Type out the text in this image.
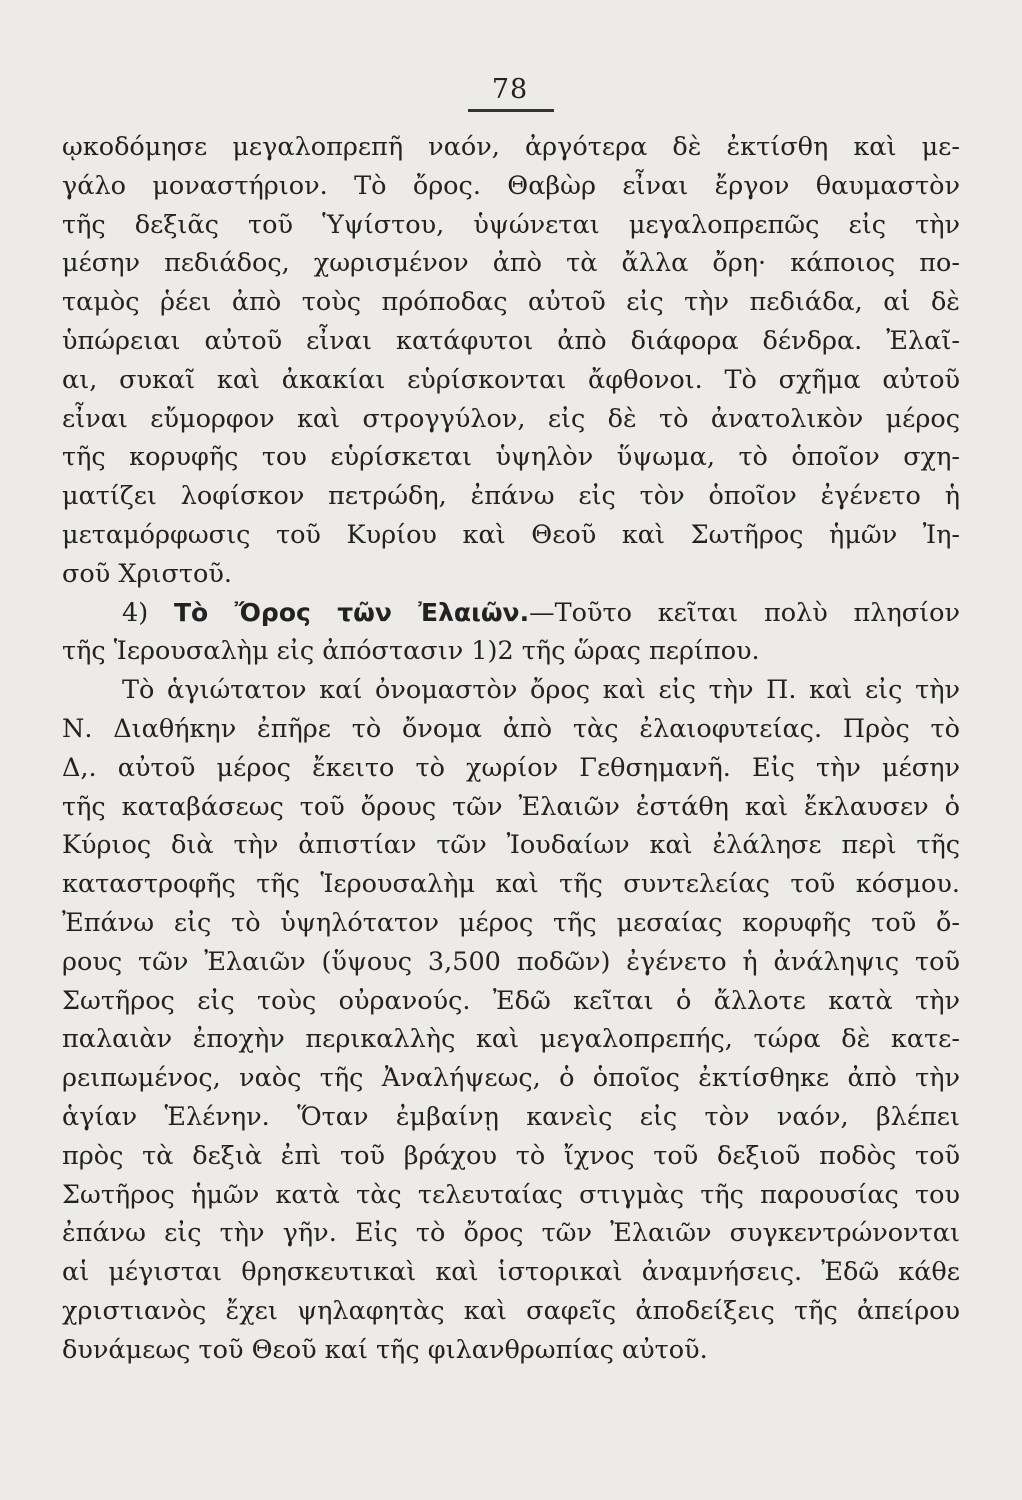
78
ῳκοδόμησε μεγαλοπρεπῆ ναόν, ἀργότερα δὲ ἐκτίσθη καὶ με-
γάλο μοναστήριον. Τὸ ὄρος. Θαβὼρ εἶναι ἔργον θαυμαστὸν
τῆς δεξιᾶς τοῦ Ὑψίστου, ὑψώνεται μεγαλοπρεπῶς εἰς τὴν
μέσην πεδιάδος, χωρισμένον ἀπὸ τὰ ἄλλα ὄρη· κάποιος πο-
ταμὸς ῥέει ἀπὸ τοὺς πρόποδας αὐτοῦ εἰς τὴν πεδιάδα, αἱ δὲ
ὑπώρειαι αὐτοῦ εἶναι κατάφυτοι ἀπὸ διάφορα δένδρα. Ἐλαῖ-
αι, συκαῖ καὶ ἀκακίαι εὑρίσκονται ἄφθονοι. Τὸ σχῆμα αὐτοῦ
εἶναι εὔμορφον καὶ στρογγύλον, εἰς δὲ τὸ ἀνατολικὸν μέρος
τῆς κορυφῆς του εὑρίσκεται ὑψηλὸν ὕψωμα, τὸ ὁποῖον σχη-
ματίζει λοφίσκον πετρώδη, ἐπάνω εἰς τὸν ὁποῖον ἐγένετο ἡ
μεταμόρφωσις τοῦ Κυρίου καὶ Θεοῦ καὶ Σωτῆρος ἡμῶν Ἰη-
σοῦ Χριστοῦ.
4) Τὸ Ὄρος τῶν Ἐλαιῶν.—Τοῦτο κεῖται πολὺ πλησίον
τῆς Ἱερουσαλὴμ εἰς ἀπόστασιν 1)2 τῆς ὥρας περίπου.
Τὸ ἁγιώτατον καί ὀνομαστὸν ὄρος καὶ εἰς τὴν Π. καὶ εἰς τὴν
Ν. Διαθήκην ἐπῆρε τὸ ὄνομα ἀπὸ τὰς ἐλαιοφυτείας. Πρὸς τὸ
Δ,. αὐτοῦ μέρος ἔκειτο τὸ χωρίον Γεθσημανῆ. Εἰς τὴν μέσην
τῆς καταβάσεως τοῦ ὄρους τῶν Ἐλαιῶν ἐστάθη καὶ ἔκλαυσεν ὁ
Κύριος διὰ τὴν ἀπιστίαν τῶν Ἰουδαίων καὶ ἐλάλησε περὶ τῆς
καταστροφῆς τῆς Ἱερουσαλὴμ καὶ τῆς συντελείας τοῦ κόσμου.
Ἐπάνω εἰς τὸ ὑψηλότατον μέρος τῆς μεσαίας κορυφῆς τοῦ ὄ-
ρους τῶν Ἐλαιῶν (ὕψους 3,500 ποδῶν) ἐγένετο ἡ ἀνάληψις τοῦ
Σωτῆρος εἰς τοὺς οὐρανούς. Ἐδῶ κεῖται ὁ ἄλλοτε κατὰ τὴν
παλαιὰν ἐποχὴν περικαλλὴς καὶ μεγαλοπρεπής, τώρα δὲ κατε-
ρειπωμένος, ναὸς τῆς Ἀναλήψεως, ὁ ὁποῖος ἐκτίσθηκε ἀπὸ τὴν
ἁγίαν Ἑλένην. Ὅταν ἐμβαίνῃ κανεὶς εἰς τὸν ναόν, βλέπει
πρὸς τὰ δεξιὰ ἐπὶ τοῦ βράχου τὸ ἴχνος τοῦ δεξιοῦ ποδὸς τοῦ
Σωτῆρος ἡμῶν κατὰ τὰς τελευταίας στιγμὰς τῆς παρουσίας του
ἐπάνω εἰς τὴν γῆν. Εἰς τὸ ὄρος τῶν Ἐλαιῶν συγκεντρώνονται
αἱ μέγισται θρησκευτικαὶ καὶ ἱστορικαὶ ἀναμνήσεις. Ἐδῶ κάθε
χριστιανὸς ἔχει ψηλαφητὰς καὶ σαφεῖς ἀποδείξεις τῆς ἀπείρου
δυνάμεως τοῦ Θεοῦ καί τῆς φιλανθρωπίας αὐτοῦ.
